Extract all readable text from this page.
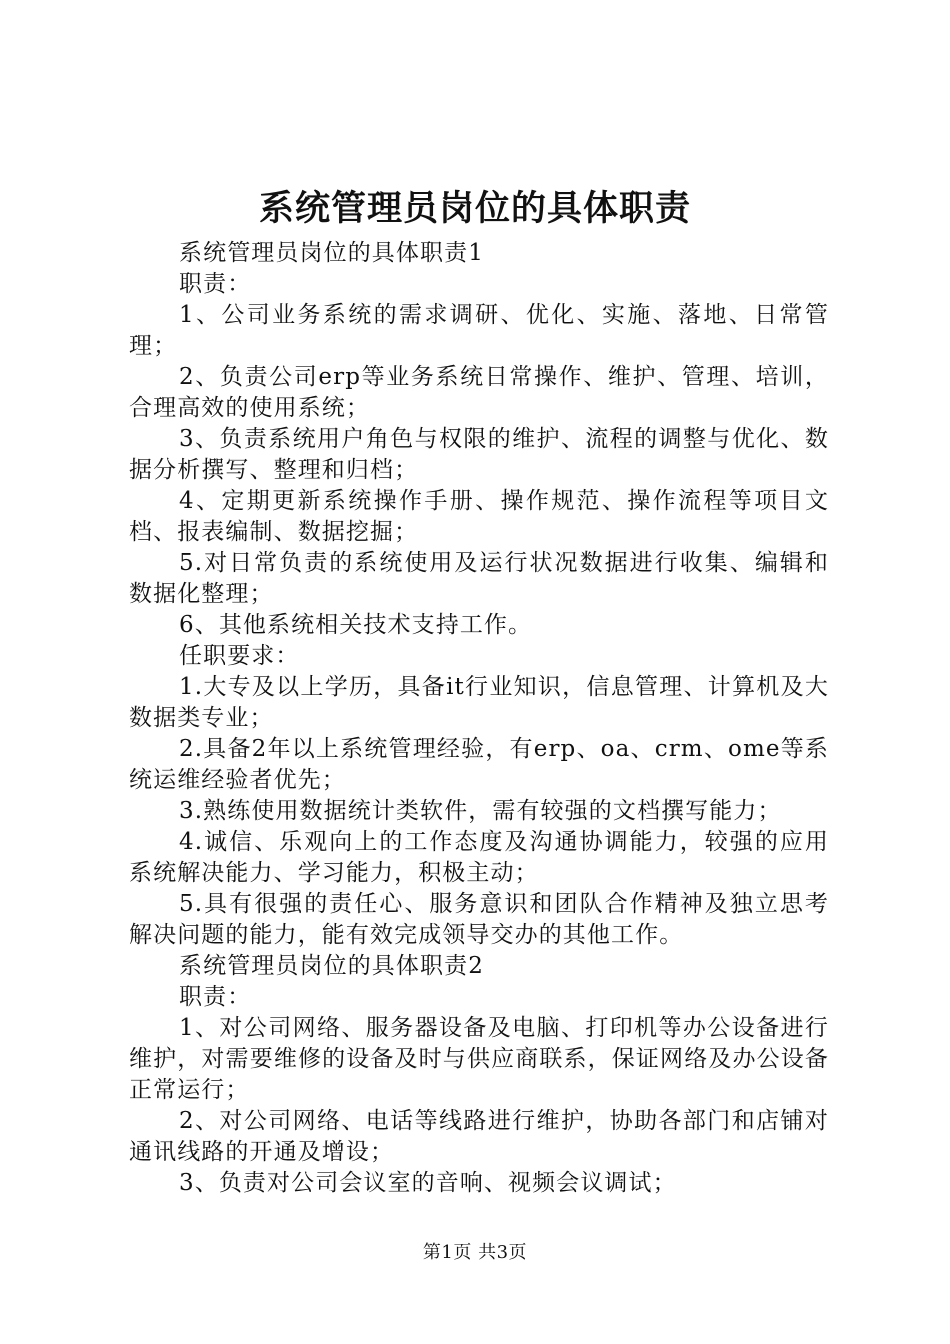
系统管理员岗位的具体职责

系统管理员岗位的具体职责1

职责：

1、公司业务系统的需求调研、优化、实施、落地、日常管理；

2、负责公司erp等业务系统日常操作、维护、管理、培训，合理高效的使用系统；

3、负责系统用户角色与权限的维护、流程的调整与优化、数据分析撰写、整理和归档；

4、定期更新系统操作手册、操作规范、操作流程等项目文档、报表编制、数据挖掘；

5.对日常负责的系统使用及运行状况数据进行收集、编辑和数据化整理；

6、其他系统相关技术支持工作。

任职要求：

1.大专及以上学历，具备it行业知识，信息管理、计算机及大数据类专业；

2.具备2年以上系统管理经验，有erp、oa、crm、ome等系统运维经验者优先；

3.熟练使用数据统计类软件，需有较强的文档撰写能力；

4.诚信、乐观向上的工作态度及沟通协调能力，较强的应用系统解决能力、学习能力，积极主动；

5.具有很强的责任心、服务意识和团队合作精神及独立思考解决问题的能力，能有效完成领导交办的其他工作。

系统管理员岗位的具体职责2

职责：

1、对公司网络、服务器设备及电脑、打印机等办公设备进行维护，对需要维修的设备及时与供应商联系，保证网络及办公设备正常运行；

2、对公司网络、电话等线路进行维护，协助各部门和店铺对通讯线路的开通及增设；

3、负责对公司会议室的音响、视频会议调试；

第1页 共3页
